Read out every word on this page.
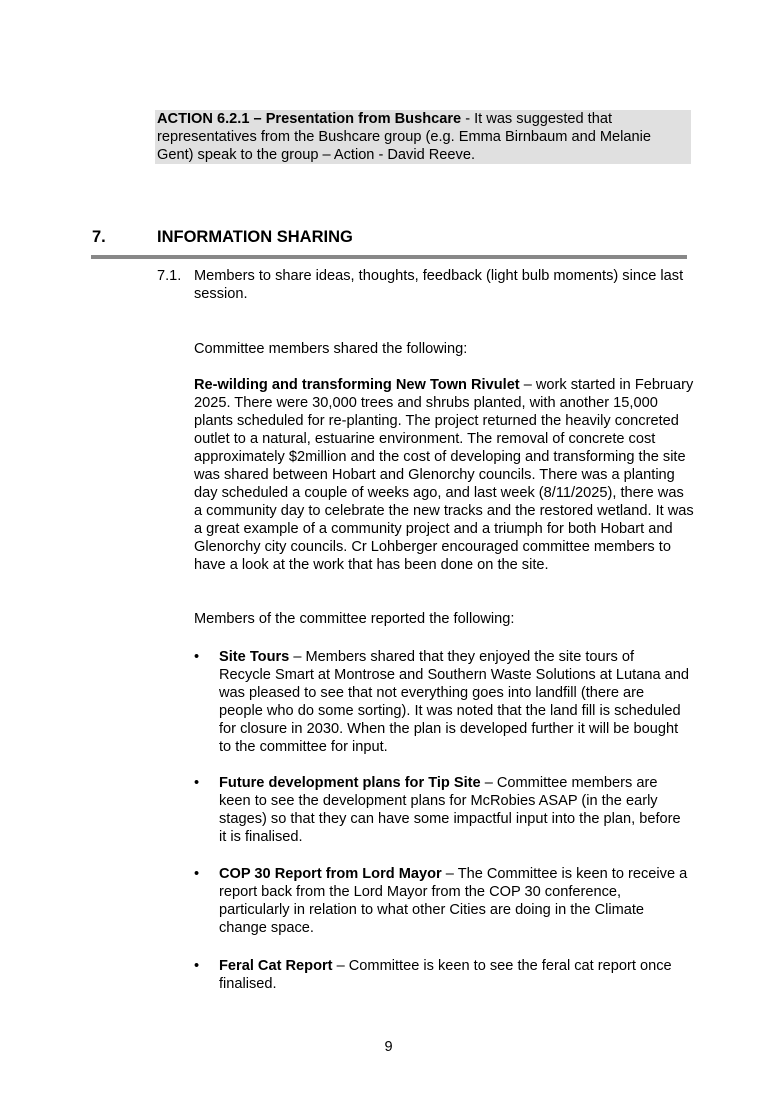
ACTION 6.2.1 – Presentation from Bushcare - It was suggested that representatives from the Bushcare group (e.g. Emma Birnbaum and Melanie Gent) speak to the group – Action - David Reeve.
7.	INFORMATION SHARING
7.1. Members to share ideas, thoughts, feedback (light bulb moments) since last session.
Committee members shared the following:
Re-wilding and transforming New Town Rivulet – work started in February 2025. There were 30,000 trees and shrubs planted, with another 15,000 plants scheduled for re-planting. The project returned the heavily concreted outlet to a natural, estuarine environment. The removal of concrete cost approximately $2million and the cost of developing and transforming the site was shared between Hobart and Glenorchy councils. There was a planting day scheduled a couple of weeks ago, and last week (8/11/2025), there was a community day to celebrate the new tracks and the restored wetland. It was a great example of a community project and a triumph for both Hobart and Glenorchy city councils. Cr Lohberger encouraged committee members to have a look at the work that has been done on the site.
Members of the committee reported the following:
•	Site Tours – Members shared that they enjoyed the site tours of Recycle Smart at Montrose and Southern Waste Solutions at Lutana and was pleased to see that not everything goes into landfill (there are people who do some sorting). It was noted that the land fill is scheduled for closure in 2030. When the plan is developed further it will be bought to the committee for input.
•	Future development plans for Tip Site – Committee members are keen to see the development plans for McRobies ASAP (in the early stages) so that they can have some impactful input into the plan, before it is finalised.
•	COP 30 Report from Lord Mayor – The Committee is keen to receive a report back from the Lord Mayor from the COP 30 conference, particularly in relation to what other Cities are doing in the Climate change space.
•	Feral Cat Report – Committee is keen to see the feral cat report once finalised.
9
